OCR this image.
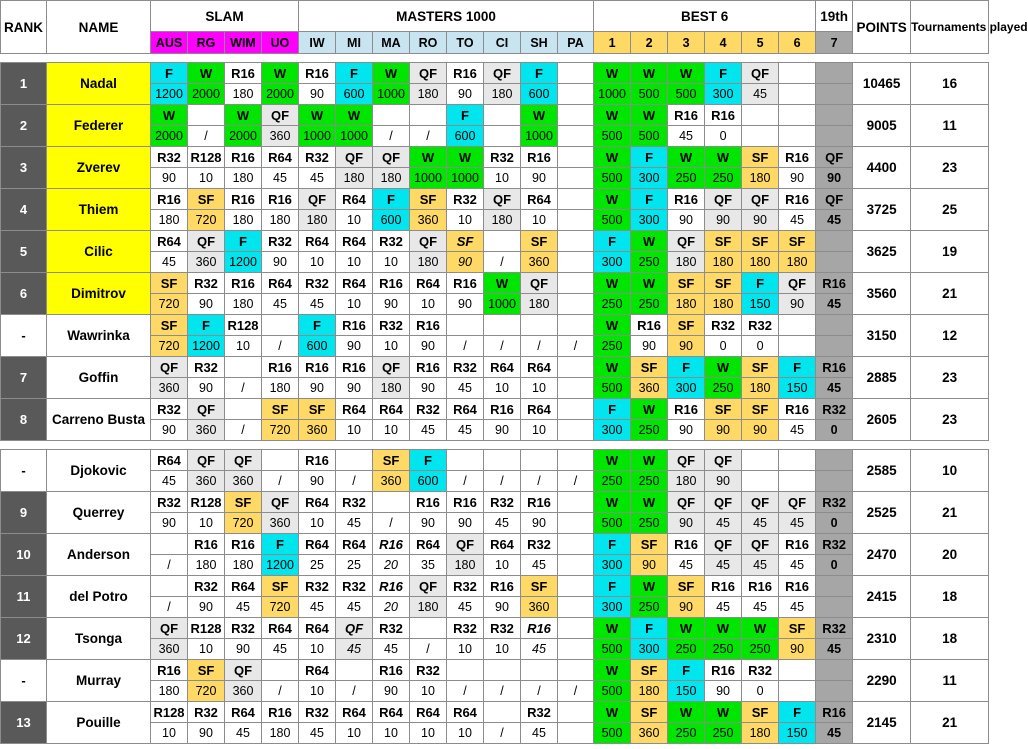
RANK	NAME	SLAM				MASTERS 1000								BEST 6						19th	POINTS	Tournaments played
		AUS	RG	WIM	UO	IW	MI	MA	RO	TO	CI	SH	PA	1	2	3	4	5	6	7		

1	Nadal	F	W	R16	W	R16	F	W	QF	R16	QF	F		W	W	W	F	QF			10465	16
		1200	2000	180	2000	90	600	1000	180	90	180	600		1000	500	500	300	45				
2	Federer	W		W	QF	W	W			F		W		W	W	R16	R16				9005	11
		2000	/	2000	360	1000	1000	/	/	600		1000		500	500	45	0					
3	Zverev	R32	R128	R16	R64	R32	QF	QF	W	W	R32	R16		W	F	W	W	SF	R16	QF	4400	23
		90	10	180	45	45	180	180	1000	1000	10	90		500	300	250	250	180	90	90		
4	Thiem	R16	SF	R16	R16	QF	R64	F	SF	R32	QF	R64		W	F	R16	QF	QF	R16	QF	3725	25
		180	720	180	180	180	10	600	360	10	180	10		500	300	90	90	90	45	45		
5	Cilic	R64	QF	F	R32	R64	R64	R32	QF	SF		SF		F	W	QF	SF	SF	SF		3625	19
		45	360	1200	90	10	10	10	180	90	/	360		300	250	180	180	180	180			
6	Dimitrov	SF	R32	R16	R64	R32	R64	R16	R64	R16	W	QF		W	W	SF	SF	F	QF	R16	3560	21
		720	90	180	45	45	10	90	10	90	1000	180		250	250	180	180	150	90	45		
-	Wawrinka	SF	F	R128		F	R16	R32	R16					W	R16	SF	R32	R32			3150	12
		720	1200	10	/	600	90	10	90	/	/	/	/	250	90	90	0	0				
7	Goffin	QF	R32		R16	R16	R16	QF	R16	R32	R64	R64		W	SF	F	W	SF	F	R16	2885	23
		360	90	/	180	90	90	180	90	45	10	10		500	360	300	250	180	150	45		
8	Carreno Busta	R32	QF		SF	SF	R64	R64	R32	R64	R16	R64		F	W	R16	SF	SF	R16	R32	2605	23
		90	360	/	720	360	10	10	45	45	90	10		300	250	90	90	90	45	0		

-	Djokovic	R64	QF	QF		R16		SF	F					W	W	QF	QF				2585	10
		45	360	360	/	90	/	360	600	/	/	/	/	250	250	180	90					
9	Querrey	R32	R128	SF	QF	R64	R32		R16	R16	R32	R16		W	W	QF	QF	QF	QF	R32	2525	21
		90	10	720	360	10	45	/	90	90	45	90		500	250	90	45	45	45	0		
10	Anderson		R16	R16	F	R64	R64	R16	R64	QF	R64	R32		F	SF	R16	QF	QF	R16	R32	2470	20
		/	180	180	1200	25	25	20	35	180	10	45		300	90	45	45	45	45	0		
11	del Potro		R32	R64	SF	R32	R32	R16	QF	R32	R16	SF		F	W	SF	R16	R16	R16		2415	18
		/	90	45	720	45	45	20	180	45	90	360		300	250	90	45	45	45			
12	Tsonga	QF	R128	R32	R64	R64	QF	R32		R32	R32	R16		W	F	W	W	W	SF	R32	2310	18
		360	10	90	45	10	45	45	/	10	10	45		500	300	250	250	250	90	45		
-	Murray	R16	SF	QF		R64		R16	R32					W	SF	F	R16	R32			2290	11
		180	720	360	/	10	/	90	10	/	/	/	/	500	180	150	90	0				
13	Pouille	R128	R32	R64	R16	R32	R64	R64	R64	R64		R32		W	SF	W	W	SF	F	R16	2145	21
		10	90	45	180	45	10	10	10	10	/	45		500	360	250	250	180	150	45		
